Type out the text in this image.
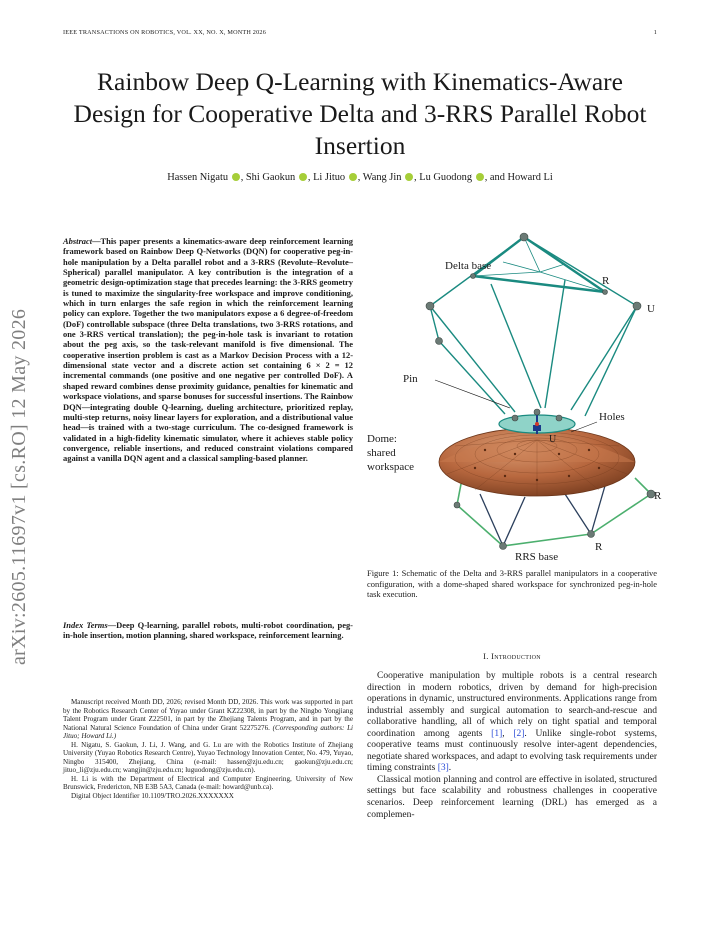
IEEE TRANSACTIONS ON ROBOTICS, VOL. XX, NO. X, MONTH 2026	1
Rainbow Deep Q-Learning with Kinematics-Aware Design for Cooperative Delta and 3-RRS Parallel Robot Insertion
Hassen Nigatu , Shi Gaokun , Li Jituo , Wang Jin , Lu Guodong , and Howard Li
arXiv:2605.11697v1 [cs.RO] 12 May 2026
Abstract—This paper presents a kinematics-aware deep reinforcement learning framework based on Rainbow Deep Q-Networks (DQN) for cooperative peg-in-hole manipulation by a Delta parallel robot and a 3-RRS (Revolute–Revolute–Spherical) parallel manipulator. A key contribution is the integration of a geometric design-optimization stage that precedes learning: the 3-RRS geometry is tuned to maximize the singularity-free workspace and improve conditioning, which in turn enlarges the safe region in which the reinforcement learning policy can explore. Together the two manipulators expose a 6 degree-of-freedom (DoF) controllable subspace (three Delta translations, two 3-RRS rotations, and one 3-RRS vertical translation); the peg-in-hole task is invariant to rotation about the peg axis, so the task-relevant manifold is five dimensional. The cooperative insertion problem is cast as a Markov Decision Process with a 12-dimensional state vector and a discrete action set containing 6 × 2 = 12 incremental commands (one positive and one negative per controlled DoF). A shaped reward combines dense proximity guidance, penalties for kinematic and workspace violations, and sparse bonuses for successful insertions. The Rainbow DQN—integrating double Q-learning, dueling architecture, prioritized replay, multi-step returns, noisy linear layers for exploration, and a distributional value head—is trained with a two-stage curriculum. The co-designed framework is validated in a high-fidelity kinematic simulator, where it achieves stable policy convergence, reliable insertions, and reduced constraint violations compared against a vanilla DQN agent and a classical sampling-based planner.
Index Terms—Deep Q-learning, parallel robots, multi-robot coordination, peg-in-hole insertion, motion planning, shared workspace, reinforcement learning.

Manuscript received Month DD, 2026; revised Month DD, 2026. This work was supported in part by the Robotics Research Center of Yuyao under Grant KZ22308, in part by the Ningbo Yongjiang Talent Program under Grant Z22501, in part by the Zhejiang Talents Program, and in part by the National Natural Science Foundation of China under Grant 52275276. (Corresponding authors: Li Jituo; Howard Li.)

H. Nigatu, S. Gaokun, J. Li, J. Wang, and G. Lu are with the Robotics Institute of Zhejiang University (Yuyao Robotics Research Centre), Yuyao Technology Innovation Center, No. 479, Yuyao, Ningbo 315400, Zhejiang, China (e-mail: hassen@zju.edu.cn; gaokun@zju.edu.cn; jituo_li@zju.edu.cn; wangjin@zju.edu.cn; luguodong@zju.edu.cn).

H. Li is with the Department of Electrical and Computer Engineering, University of New Brunswick, Fredericton, NB E3B 5A3, Canada (e-mail: howard@unb.ca).

Digital Object Identifier 10.1109/TRO.2026.XXXXXXX

Delta base
R
U
Pin
Holes
U
Dome:
shared
workspace
R
R
RRS base
Figure 1: Schematic of the Delta and 3-RRS parallel manipulators in a cooperative configuration, with a dome-shaped shared workspace for synchronized peg-in-hole task execution.
I. Introduction

Cooperative manipulation by multiple robots is a central research direction in modern robotics, driven by demand for high-precision operations in dynamic, unstructured environments. Applications range from industrial assembly and surgical automation to search-and-rescue and collaborative handling, all of which rely on tight spatial and temporal coordination among agents [1], [2]. Unlike single-robot systems, cooperative teams must continuously resolve inter-agent dependencies, negotiate shared workspaces, and adapt to evolving task requirements under timing constraints [3].

Classical motion planning and control are effective in isolated, structured settings but face scalability and robustness challenges in cooperative scenarios. Deep reinforcement learning (DRL) has emerged as a complemen-
